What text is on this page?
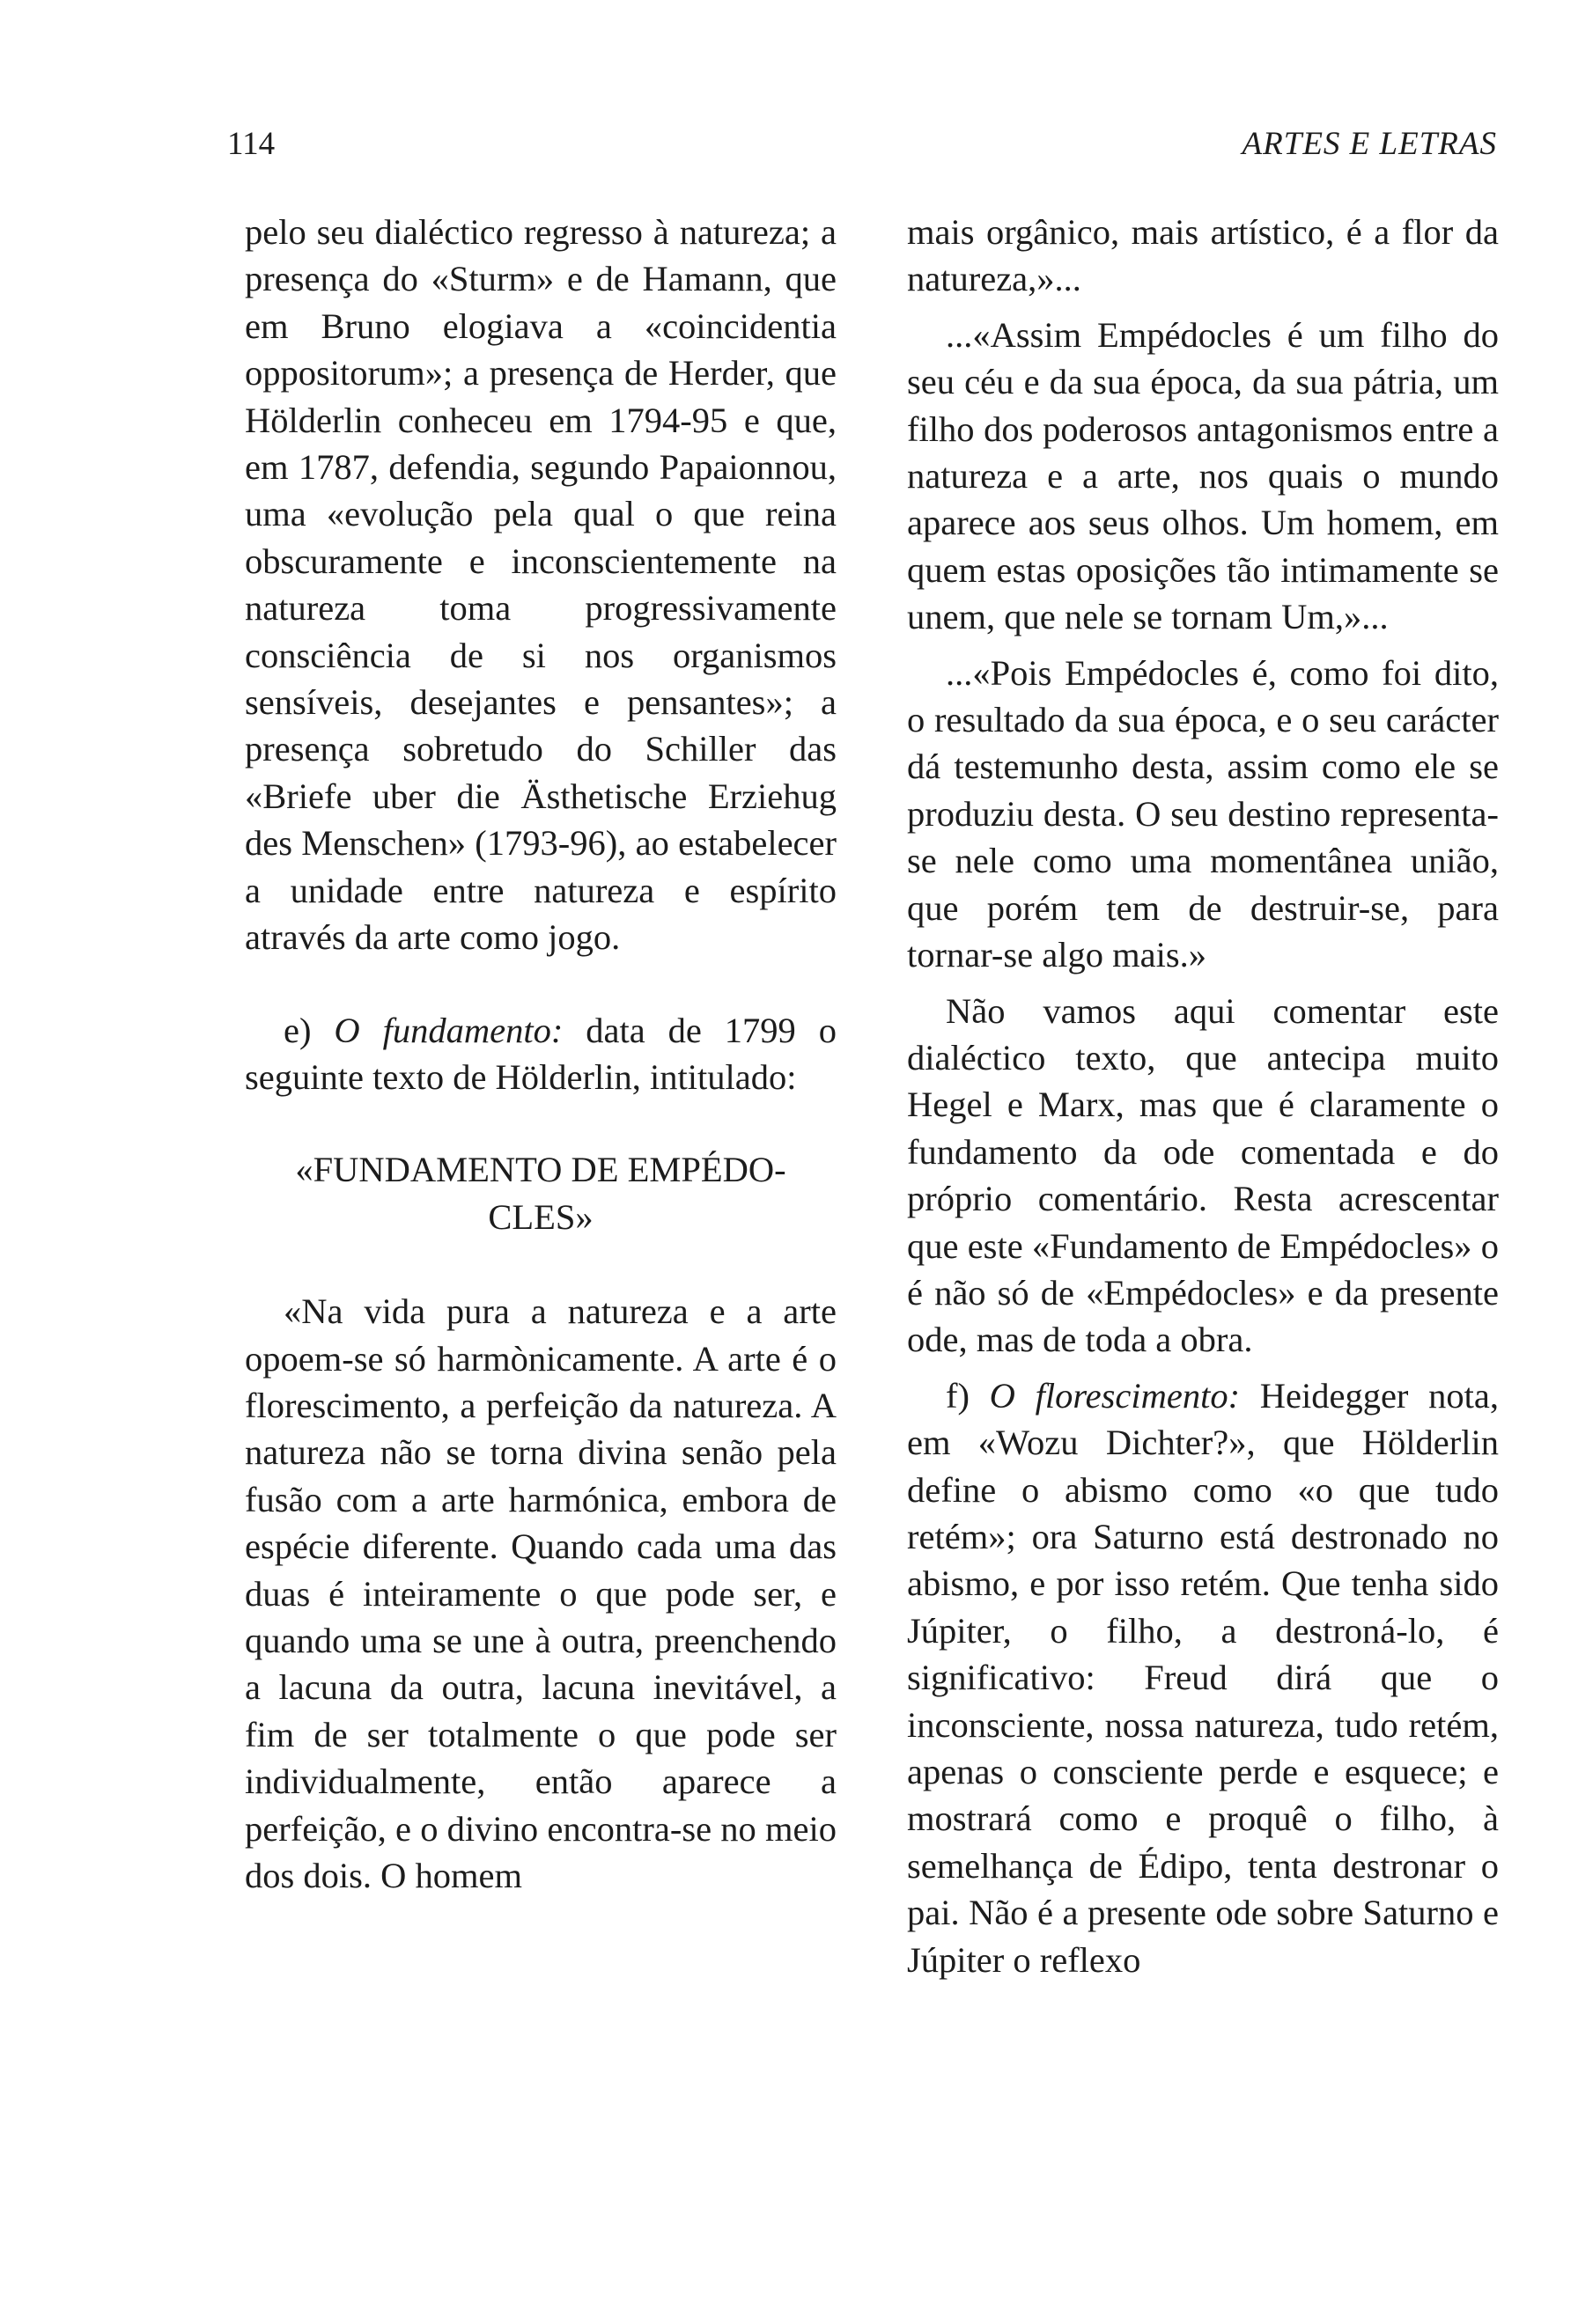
114	ARTES E LETRAS

pelo seu dialéctico regresso à natureza; a presença do «Sturm» e de Hamann, que em Bruno elogiava a «coincidentia oppositorum»; a presença de Herder, que Hölderlin conheceu em 1794-95 e que, em 1787, defendia, segundo Papaionnou, uma «evolução pela qual o que reina obscuramente e inconscientemente na natureza toma progressivamente consciência de si nos organismos sensíveis, desejantes e pensantes»; a presença sobretudo do Schiller das «Briefe uber die Ästhetische Erziehug des Menschen» (1793-96), ao estabelecer a unidade entre natureza e espírito através da arte como jogo.

e) O fundamento: data de 1799 o seguinte texto de Hölderlin, intitulado:

«FUNDAMENTO DE EMPÉDO-
CLES»

«Na vida pura a natureza e a arte opoem-se só harmònicamente. A arte é o florescimento, a perfeição da natureza. A natureza não se torna divina senão pela fusão com a arte harmónica, embora de espécie diferente. Quando cada uma das duas é inteiramente o que pode ser, e quando uma se une à outra, preenchendo a lacuna da outra, lacuna inevitável, a fim de ser totalmente o que pode ser individualmente, então aparece a perfeição, e o divino encontra-se no meio dos dois. O homem

mais orgânico, mais artístico, é a flor da natureza,»...

...«Assim Empédocles é um filho do seu céu e da sua época, da sua pátria, um filho dos poderosos antagonismos entre a natureza e a arte, nos quais o mundo aparece aos seus olhos. Um homem, em quem estas oposições tão intimamente se unem, que nele se tornam Um,»...

...«Pois Empédocles é, como foi dito, o resultado da sua época, e o seu carácter dá testemunho desta, assim como ele se produziu desta. O seu destino representa-se nele como uma momentânea união, que porém tem de destruir-se, para tornar-se algo mais.»

Não vamos aqui comentar este dialéctico texto, que antecipa muito Hegel e Marx, mas que é claramente o fundamento da ode comentada e do próprio comentário. Resta acrescentar que este «Fundamento de Empédocles» o é não só de «Empédocles» e da presente ode, mas de toda a obra.

f) O florescimento: Heidegger nota, em «Wozu Dichter?», que Hölderlin define o abismo como «o que tudo retém»; ora Saturno está destronado no abismo, e por isso retém. Que tenha sido Júpiter, o filho, a destroná-lo, é significativo: Freud dirá que o inconsciente, nossa natureza, tudo retém, apenas o consciente perde e esquece; e mostrará como e proquê o filho, à semelhança de Édipo, tenta destronar o pai. Não é a presente ode sobre Saturno e Júpiter o reflexo
